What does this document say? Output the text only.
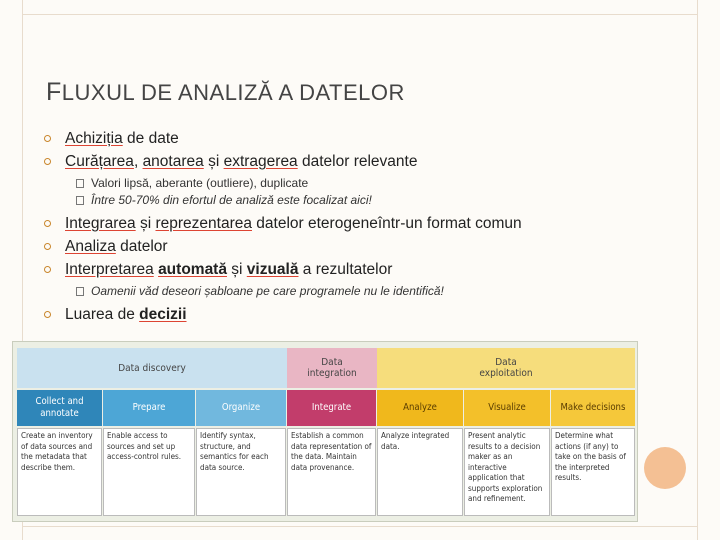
FLUXUL DE ANALIZĂ A DATELOR
Achiziția de date
Curățarea, anotarea și extragerea datelor relevante
Valori lipsă, aberante (outliere), duplicate
Între 50-70% din efortul de analiză este focalizat aici!
Integrarea și reprezentarea datelor eterogeneîntr-un format comun
Analiza datelor
Interpretarea automată și vizuală a rezultatelor
Oamenii văd deseori șabloane pe care programele nu le identifică!
Luarea de decizii
Data discovery	Data
integration
Data
exploitation
Collect and annotate
Create an inventory of data sources and the metadata that describe them.
Prepare
Enable access to sources and set up access-control rules.
Organize
Identify syntax, structure, and semantics for each data source.
Integrate
Establish a common data representation of the data. Maintain data provenance.
Analyze
Analyze integrated data.
Visualize
Present analytic results to a decision maker as an interactive application that supports exploration and refinement.
Make decisions
Determine what actions (if any) to take on the basis of the interpreted results.
